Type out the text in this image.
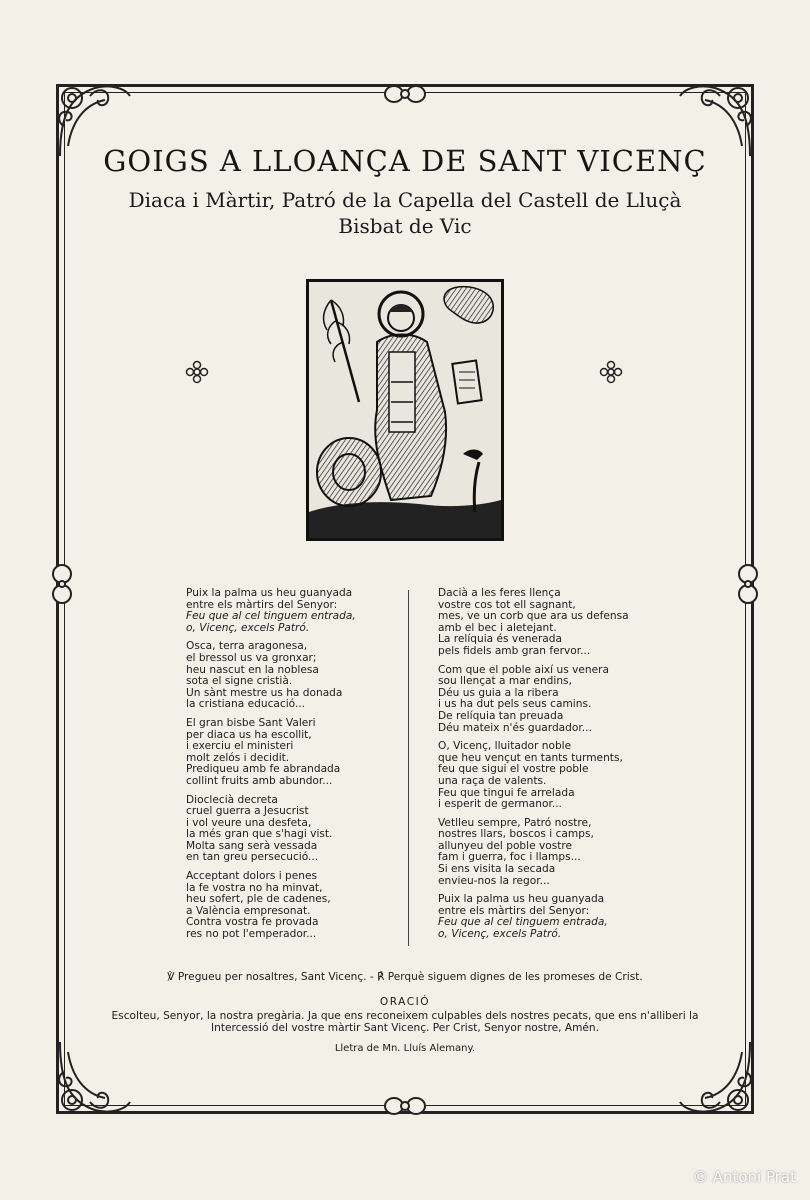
GOIGS A LLOANÇA DE SANT VICENÇ
Diaca i Màrtir, Patró de la Capella del Castell de Lluçà
Bisbat de Vic
Puix la palma us heu guanyada
entre els màrtirs del Senyor:
Feu que al cel tinguem entrada,
o, Vicenç, excels Patró.
Osca, terra aragonesa,
el bressol us va gronxar;
heu nascut en la noblesa
sota el signe cristià.
Un sànt mestre us ha donada
la cristiana educació...
El gran bisbe Sant Valeri
per diaca us ha escollit,
i exerciu el ministeri
molt zelós i decidit.
Prediqueu amb fe abrandada
collint fruits amb abundor...
Dioclecià decreta
cruel guerra a Jesucrist
i vol veure una desfeta,
la més gran que s'hagi vist.
Molta sang serà vessada
en tan greu persecució...
Acceptant dolors i penes
la fe vostra no ha minvat,
heu sofert, ple de cadenes,
a València empresonat.
Contra vostra fe provada
res no pot l'emperador...
Dacià a les feres llença
vostre cos tot ell sagnant,
mes, ve un corb que ara us defensa
amb el bec i aletejant.
La relíquia és venerada
pels fidels amb gran fervor...
Com que el poble així us venera
sou llençat a mar endins,
Déu us guia a la ribera
i us ha dut pels seus camins.
De relíquia tan preuada
Déu mateix n'és guardador...
O, Vicenç, lluitador noble
que heu vençut en tants turments,
feu que sigui el vostre poble
una raça de valents.
Feu que tingui fe arrelada
i esperit de germanor...
Vetlleu sempre, Patró nostre,
nostres llars, boscos i camps,
allunyeu del poble vostre
fam i guerra, foc i llamps...
Si ens visita la secada
envieu-nos la regor...
Puix la palma us heu guanyada
entre els màrtirs del Senyor:
Feu que al cel tinguem entrada,
o, Vicenç, excels Patró.
℣ Pregueu per nosaltres, Sant Vicenç. - ℟ Perquè siguem dignes de les promeses de Crist.
ORACIÓ
Escolteu, Senyor, la nostra pregària. Ja que ens reconeixem culpables dels nostres pecats, que ens n'alliberi la
Intercessió del vostre màrtir Sant Vicenç. Per Crist, Senyor nostre, Amén.
Lletra de Mn. Lluís Alemany.
© Antoni Prat
